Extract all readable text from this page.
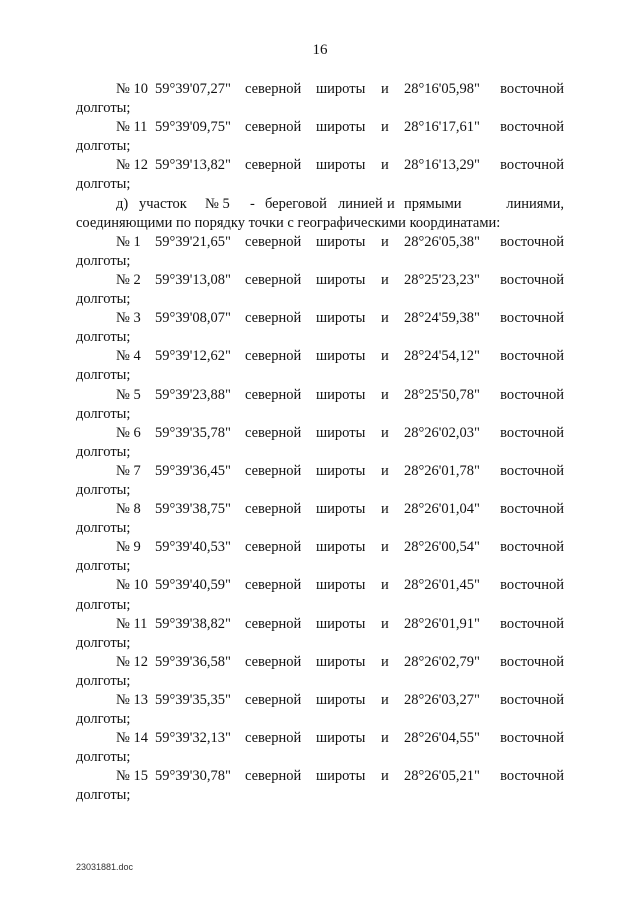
16
№ 10 59°39'07,27" северной широты и 28°16'05,98" восточной
долготы;
№ 11 59°39'09,75" северной широты и 28°16'17,61" восточной
долготы;
№ 12 59°39'13,82" северной широты и 28°16'13,29" восточной
долготы;
д) участок № 5 - береговой линией и прямыми	линиями,
соединяющими по порядку точки с географическими координатами:
№ 1 59°39'21,65" северной широты и 28°26'05,38" восточной
долготы;
№ 2 59°39'13,08" северной широты и 28°25'23,23" восточной
долготы;
№ 3 59°39'08,07" северной широты и 28°24'59,38" восточной
долготы;
№ 4 59°39'12,62" северной широты и 28°24'54,12" восточной
долготы;
№ 5 59°39'23,88" северной широты и 28°25'50,78" восточной
долготы;
№ 6 59°39'35,78" северной широты и 28°26'02,03" восточной
долготы;
№ 7 59°39'36,45" северной широты и 28°26'01,78" восточной
долготы;
№ 8 59°39'38,75" северной широты и 28°26'01,04" восточной
долготы;
№ 9 59°39'40,53" северной широты и 28°26'00,54" восточной
долготы;
№ 10 59°39'40,59" северной широты и 28°26'01,45" восточной
долготы;
№ 11 59°39'38,82" северной широты и 28°26'01,91" восточной
долготы;
№ 12 59°39'36,58" северной широты и 28°26'02,79" восточной
долготы;
№ 13 59°39'35,35" северной широты и 28°26'03,27" восточной
долготы;
№ 14 59°39'32,13" северной широты и 28°26'04,55" восточной
долготы;
№ 15 59°39'30,78" северной широты и 28°26'05,21" восточной
долготы;
23031881.doc
